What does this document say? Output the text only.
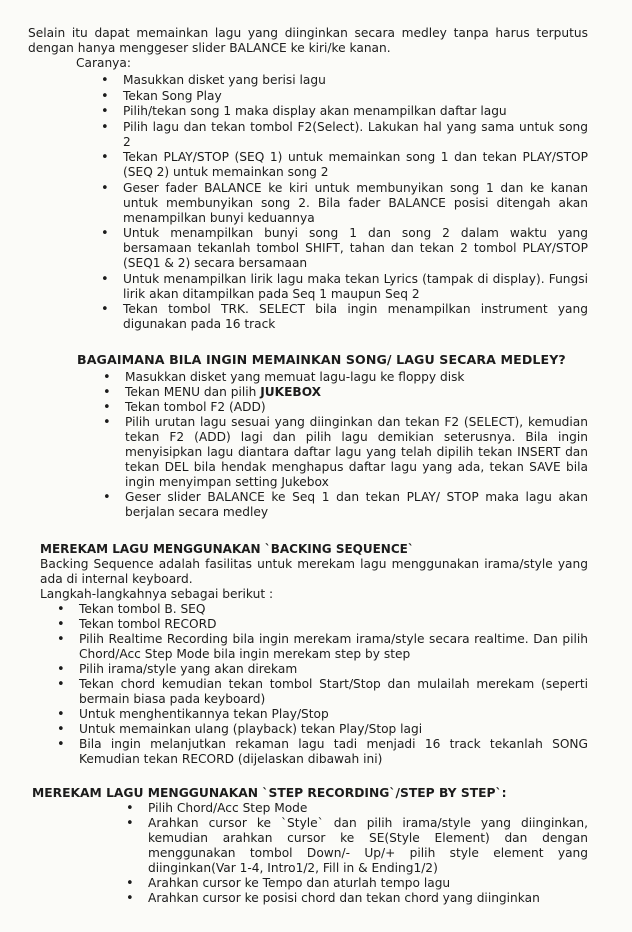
Selain itu dapat memainkan lagu yang diinginkan secara medley tanpa harus terputus dengan hanya menggeser slider BALANCE ke kiri/ke kanan.
Caranya:
• Masukkan disket yang berisi lagu
• Tekan Song Play
• Pilih/tekan song 1 maka display akan menampilkan daftar lagu
• Pilih lagu dan tekan tombol F2(Select). Lakukan hal yang sama untuk song 2
• Tekan PLAY/STOP (SEQ 1) untuk memainkan song 1 dan tekan PLAY/STOP (SEQ 2) untuk memainkan song 2
• Geser fader BALANCE ke kiri untuk membunyikan song 1 dan ke kanan untuk membunyikan song 2. Bila fader BALANCE posisi ditengah akan menampilkan bunyi keduannya
• Untuk menampilkan bunyi song 1 dan song 2 dalam waktu yang bersamaan tekanlah tombol SHIFT, tahan dan tekan 2 tombol PLAY/STOP (SEQ1 & 2) secara bersamaan
• Untuk menampilkan lirik lagu maka tekan Lyrics (tampak di display). Fungsi lirik akan ditampilkan pada Seq 1 maupun Seq 2
• Tekan tombol TRK. SELECT bila ingin menampilkan instrument yang digunakan pada 16 track
BAGAIMANA BILA INGIN MEMAINKAN SONG/ LAGU SECARA MEDLEY?
• Masukkan disket yang memuat lagu-lagu ke floppy disk
• Tekan MENU dan pilih JUKEBOX
• Tekan tombol F2 (ADD)
• Pilih urutan lagu sesuai yang diinginkan dan tekan F2 (SELECT), kemudian tekan F2 (ADD) lagi dan pilih lagu demikian seterusnya. Bila ingin menyisipkan lagu diantara daftar lagu yang telah dipilih tekan INSERT dan tekan DEL bila hendak menghapus daftar lagu yang ada, tekan SAVE bila ingin menyimpan setting Jukebox
• Geser slider BALANCE ke Seq 1 dan tekan PLAY/ STOP maka lagu akan berjalan secara medley
MEREKAM LAGU MENGGUNAKAN `BACKING SEQUENCE`
Backing Sequence adalah fasilitas untuk merekam lagu menggunakan irama/style yang ada di internal keyboard.
Langkah-langkahnya sebagai berikut :
• Tekan tombol B. SEQ
• Tekan tombol RECORD
• Pilih Realtime Recording bila ingin merekam irama/style secara realtime. Dan pilih Chord/Acc Step Mode bila ingin merekam step by step
• Pilih irama/style yang akan direkam
• Tekan chord kemudian tekan tombol Start/Stop dan mulailah merekam (seperti bermain biasa pada keyboard)
• Untuk menghentikannya tekan Play/Stop
• Untuk memainkan ulang (playback) tekan Play/Stop lagi
• Bila ingin melanjutkan rekaman lagu tadi menjadi 16 track tekanlah SONG Kemudian tekan RECORD (dijelaskan dibawah ini)
MEREKAM LAGU MENGGUNAKAN `STEP RECORDING`/STEP BY STEP`:
• Pilih Chord/Acc Step Mode
• Arahkan cursor ke `Style` dan pilih irama/style yang diinginkan, kemudian arahkan cursor ke SE(Style Element) dan dengan menggunakan tombol Down/- Up/+ pilih style element yang diinginkan(Var 1-4, Intro1/2, Fill in & Ending1/2)
• Arahkan cursor ke Tempo dan aturlah tempo lagu
• Arahkan cursor ke posisi chord dan tekan chord yang diinginkan
